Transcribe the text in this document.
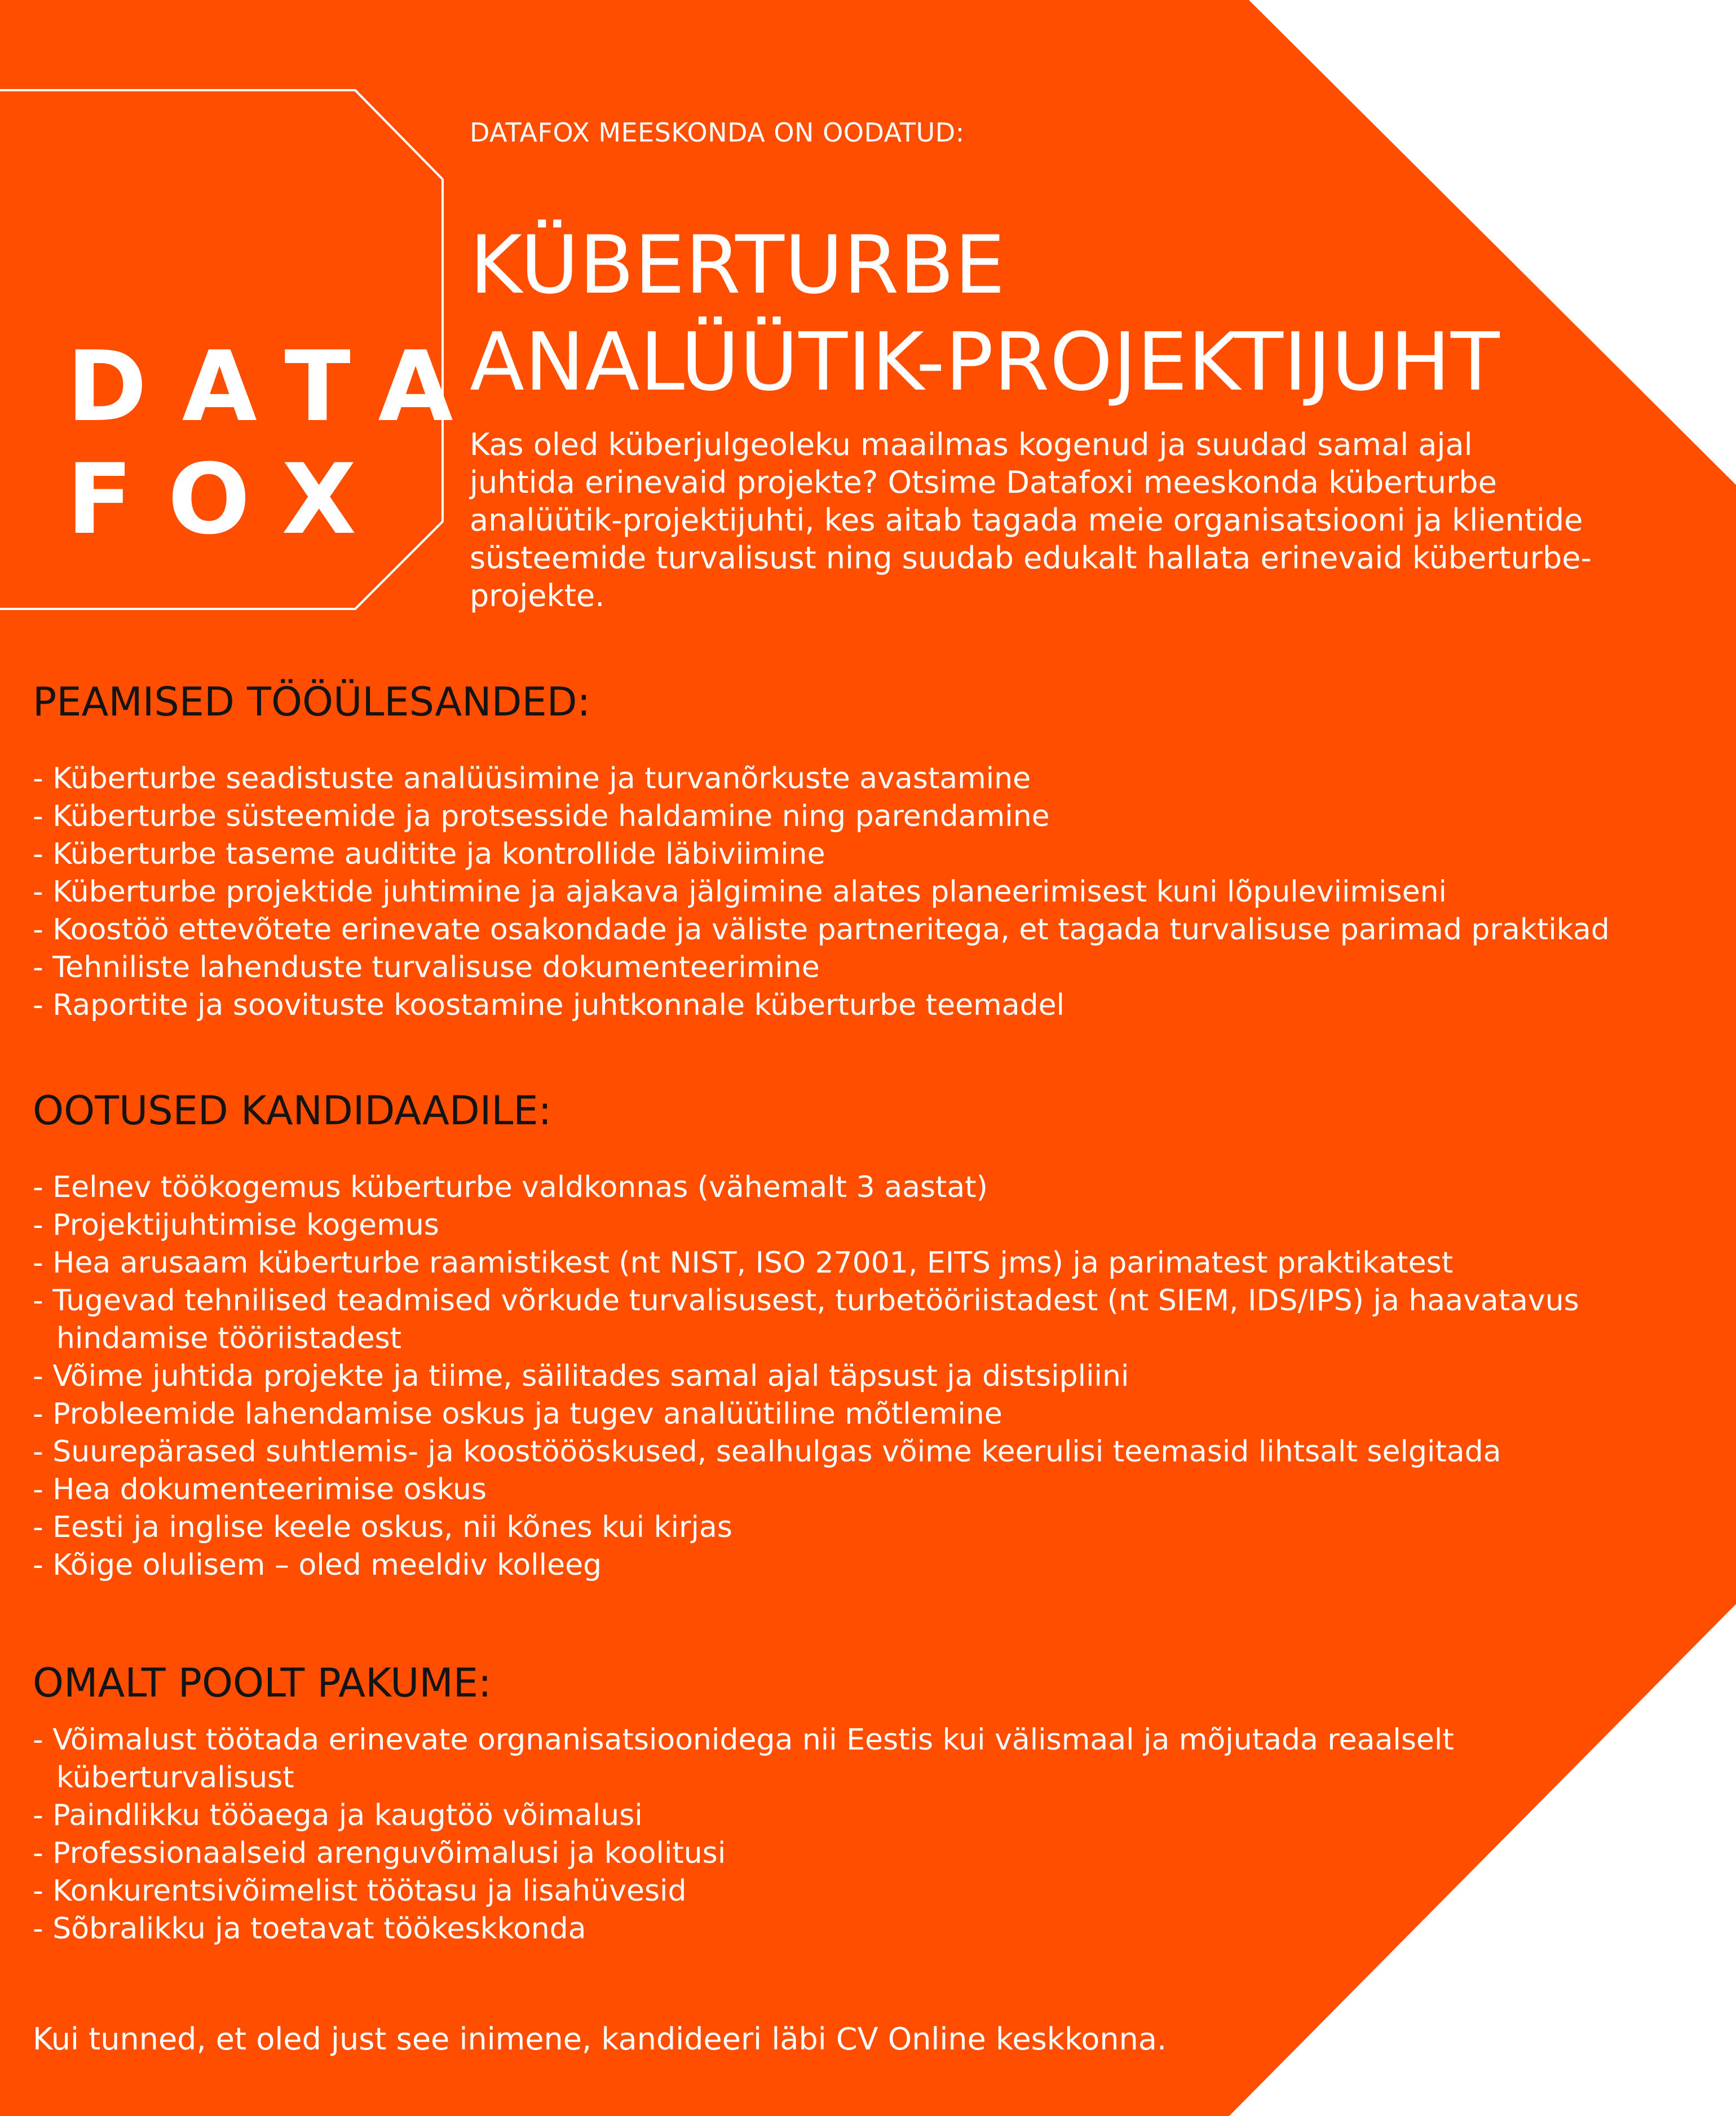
DATA
FOX
DATAFOX MEESKONDA ON OODATUD:
KÜBERTURBE
ANALÜÜTIK-PROJEKTIJUHT
Kas oled küberjulgeoleku maailmas kogenud ja suudad samal ajal
juhtida erinevaid projekte? Otsime Datafoxi meeskonda küberturbe
analüütik-projektijuhti, kes aitab tagada meie organisatsiooni ja klientide
süsteemide turvalisust ning suudab edukalt hallata erinevaid küberturbe-
projekte.
PEAMISED TÖÖÜLESANDED:
- Küberturbe seadistuste analüüsimine ja turvanõrkuste avastamine
- Küberturbe süsteemide ja protsesside haldamine ning parendamine
- Küberturbe taseme auditite ja kontrollide läbiviimine
- Küberturbe projektide juhtimine ja ajakava jälgimine alates planeerimisest kuni lõpuleviimiseni
- Koostöö ettevõtete erinevate osakondade ja väliste partneritega, et tagada turvalisuse parimad praktikad
- Tehniliste lahenduste turvalisuse dokumenteerimine
- Raportite ja soovituste koostamine juhtkonnale küberturbe teemadel
OOTUSED KANDIDAADILE:
- Eelnev töökogemus küberturbe valdkonnas (vähemalt 3 aastat)
- Projektijuhtimise kogemus
- Hea arusaam küberturbe raamistikest (nt NIST, ISO 27001, EITS jms) ja parimatest praktikatest
- Tugevad tehnilised teadmised võrkude turvalisusest, turbetööriistadest (nt SIEM, IDS/IPS) ja haavatavus
hindamise tööriistadest
- Võime juhtida projekte ja tiime, säilitades samal ajal täpsust ja distsipliini
- Probleemide lahendamise oskus ja tugev analüütiline mõtlemine
- Suurepärased suhtlemis- ja koostöööskused, sealhulgas võime keerulisi teemasid lihtsalt selgitada
- Hea dokumenteerimise oskus
- Eesti ja inglise keele oskus, nii kõnes kui kirjas
- Kõige olulisem – oled meeldiv kolleeg
OMALT POOLT PAKUME:
- Võimalust töötada erinevate orgnanisatsioonidega nii Eestis kui välismaal ja mõjutada reaalselt
küberturvalisust
- Paindlikku tööaega ja kaugtöö võimalusi
- Professionaalseid arenguvõimalusi ja koolitusi
- Konkurentsivõimelist töötasu ja lisahüvesid
- Sõbralikku ja toetavat töökeskkonda
Kui tunned, et oled just see inimene, kandideeri läbi CV Online keskkonna.
